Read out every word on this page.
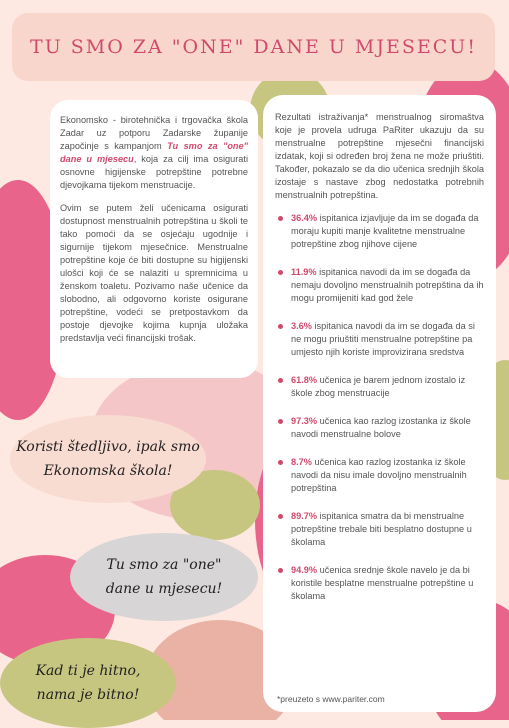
TU SMO ZA "ONE" DANE U MJESECU!

Ekonomsko - birotehnička i trgovačka škola Zadar uz potporu Zadarske županije započinje s kampanjom Tu smo za "one" dane u mjesecu, koja za cilj ima osigurati osnovne higijenske potrepštine potrebne djevojkama tijekom menstruacije.

Ovim se putem želi učenicama osigurati dostupnost menstrualnih potrepština u školi te tako pomoći da se osjećaju ugodnije i sigurnije tijekom mjesečnice. Menstrualne potrepštine koje će biti dostupne su higijenski ulošci koji će se nalaziti u spremnicima u ženskom toaletu. Pozivamo naše učenice da slobodno, ali odgovorno koriste osigurane potrepštine, vodeći se pretpostavkom da postoje djevojke kojima kupnja uložaka predstavlja veći financijski trošak.

Rezultati istraživanja* menstrualnog siromaštva koje je provela udruga PaRiter ukazuju da su menstrualne potrepštine mjesečni financijski izdatak, koji si određen broj žena ne može priuštiti. Također, pokazalo se da dio učenica srednjih škola izostaje s nastave zbog nedostatka potrebnih menstrualnih potrepština.

36.4% ispitanica izjavljuje da im se događa da moraju kupiti manje kvalitetne menstrualne potrepštine zbog njihove cijene
11.9% ispitanica navodi da im se događa da nemaju dovoljno menstrualnih potrepština da ih mogu promijeniti kad god žele
3.6% ispitanica navodi da im se događa da si ne mogu priuštiti menstrualne potrepštine pa umjesto njih koriste improvizirana sredstva
61.8% učenica je barem jednom izostalo iz škole zbog menstruacije
97.3% učenica kao razlog izostanka iz škole navodi menstrualne bolove
8.7% učenica kao razlog izostanka iz škole navodi da nisu imale dovoljno menstrualnih potrepština
89.7% ispitanica smatra da bi menstrualne potrepštine trebale biti besplatno dostupne u školama
94.9% učenica srednje škole navelo je da bi koristile besplatne menstrualne potrepštine u školama
*preuzeto s www.pariter.com
Koristi štedljivo, ipak smo
Ekonomska škola!
Tu smo za "one"
dane u mjesecu!
Kad ti je hitno,
nama je bitno!
